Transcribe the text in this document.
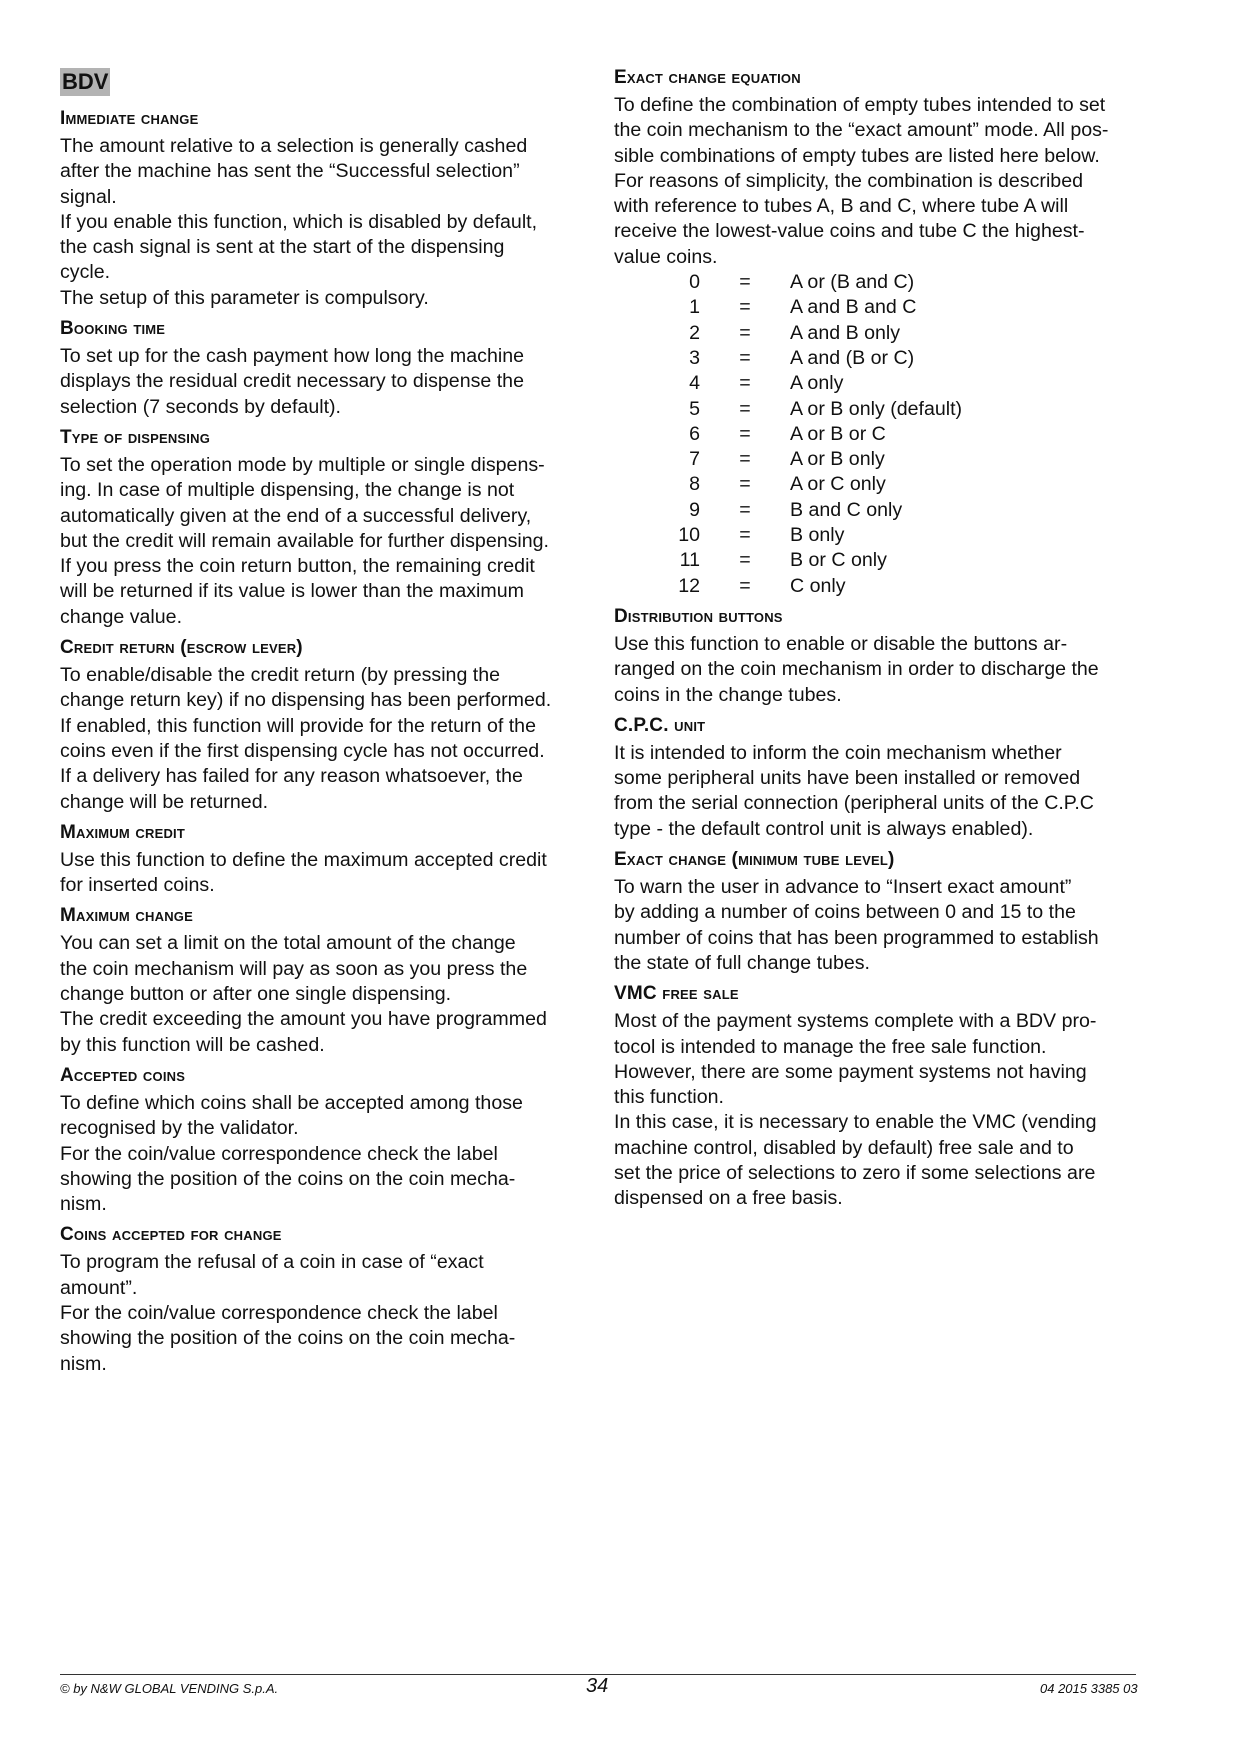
BDV
Immediate change
The amount relative to a selection is generally cashed
after the machine has sent the “Successful selection”
signal.
If you enable this function, which is disabled by default,
the cash signal is sent at the start of the dispensing
cycle.
The setup of this parameter is compulsory.
Booking time
To set up for the cash payment how long the machine
displays the residual credit necessary to dispense the
selection (7 seconds by default).
Type of dispensing
To set the operation mode by multiple or single dispens-
ing. In case of multiple dispensing, the change is not
automatically given at the end of a successful delivery,
but the credit will remain available for further dispensing.
If you press the coin return button, the remaining credit
will be returned if its value is lower than the maximum
change value.
Credit return (escrow lever)
To enable/disable the credit return (by pressing the
change return key) if no dispensing has been performed.
If enabled, this function will provide for the return of the
coins even if the first dispensing cycle has not occurred.
If a delivery has failed for any reason whatsoever, the
change will be returned.
Maximum credit
Use this function to define the maximum accepted credit
for inserted coins.
Maximum change
You can set a limit on the total amount of the change
the coin mechanism will pay as soon as you press the
change button or after one single dispensing.
The credit exceeding the amount you have programmed
by this function will be cashed.
Accepted coins
To define which coins shall be accepted among those
recognised by the validator.
For the coin/value correspondence check the label
showing the position of the coins on the coin mecha-
nism.
Coins accepted for change
To program the refusal of a coin in case of “exact
amount”.
For the coin/value correspondence check the label
showing the position of the coins on the coin mecha-
nism.
Exact change equation
To define the combination of empty tubes intended to set
the coin mechanism to the “exact amount” mode. All pos-
sible combinations of empty tubes are listed here below.
For reasons of simplicity, the combination is described
with reference to tubes A, B and C, where tube A will
receive the lowest-value coins and tube C the highest-
value coins.
0	=	A or (B and C)
1	=	A and B and C
2	=	A and B only
3	=	A and (B or C)
4	=	A only
5	=	A or B only (default)
6	=	A or B or C
7	=	A or B only
8	=	A or C only
9	=	B and C only
10	=	B only
11	=	B or C only
12	=	C only
Distribution buttons
Use this function to enable or disable the buttons ar-
ranged on the coin mechanism in order to discharge the
coins in the change tubes.
C.P.C. unit
It is intended to inform the coin mechanism whether
some peripheral units have been installed or removed
from the serial connection (peripheral units of the C.P.C
type - the default control unit is always enabled).
Exact change (minimum tube level)
To warn the user in advance to “Insert exact amount”
by adding a number of coins between 0 and 15 to the
number of coins that has been programmed to establish
the state of full change tubes.
VMC free sale
Most of the payment systems complete with a BDV pro-
tocol is intended to manage the free sale function.
However, there are some payment systems not having
this function.
In this case, it is necessary to enable the VMC (vending
machine control, disabled by default) free sale and to
set the price of selections to zero if some selections are
dispensed on a free basis.
© by N&W GLOBAL VENDING S.p.A.	34	04 2015 3385 03
